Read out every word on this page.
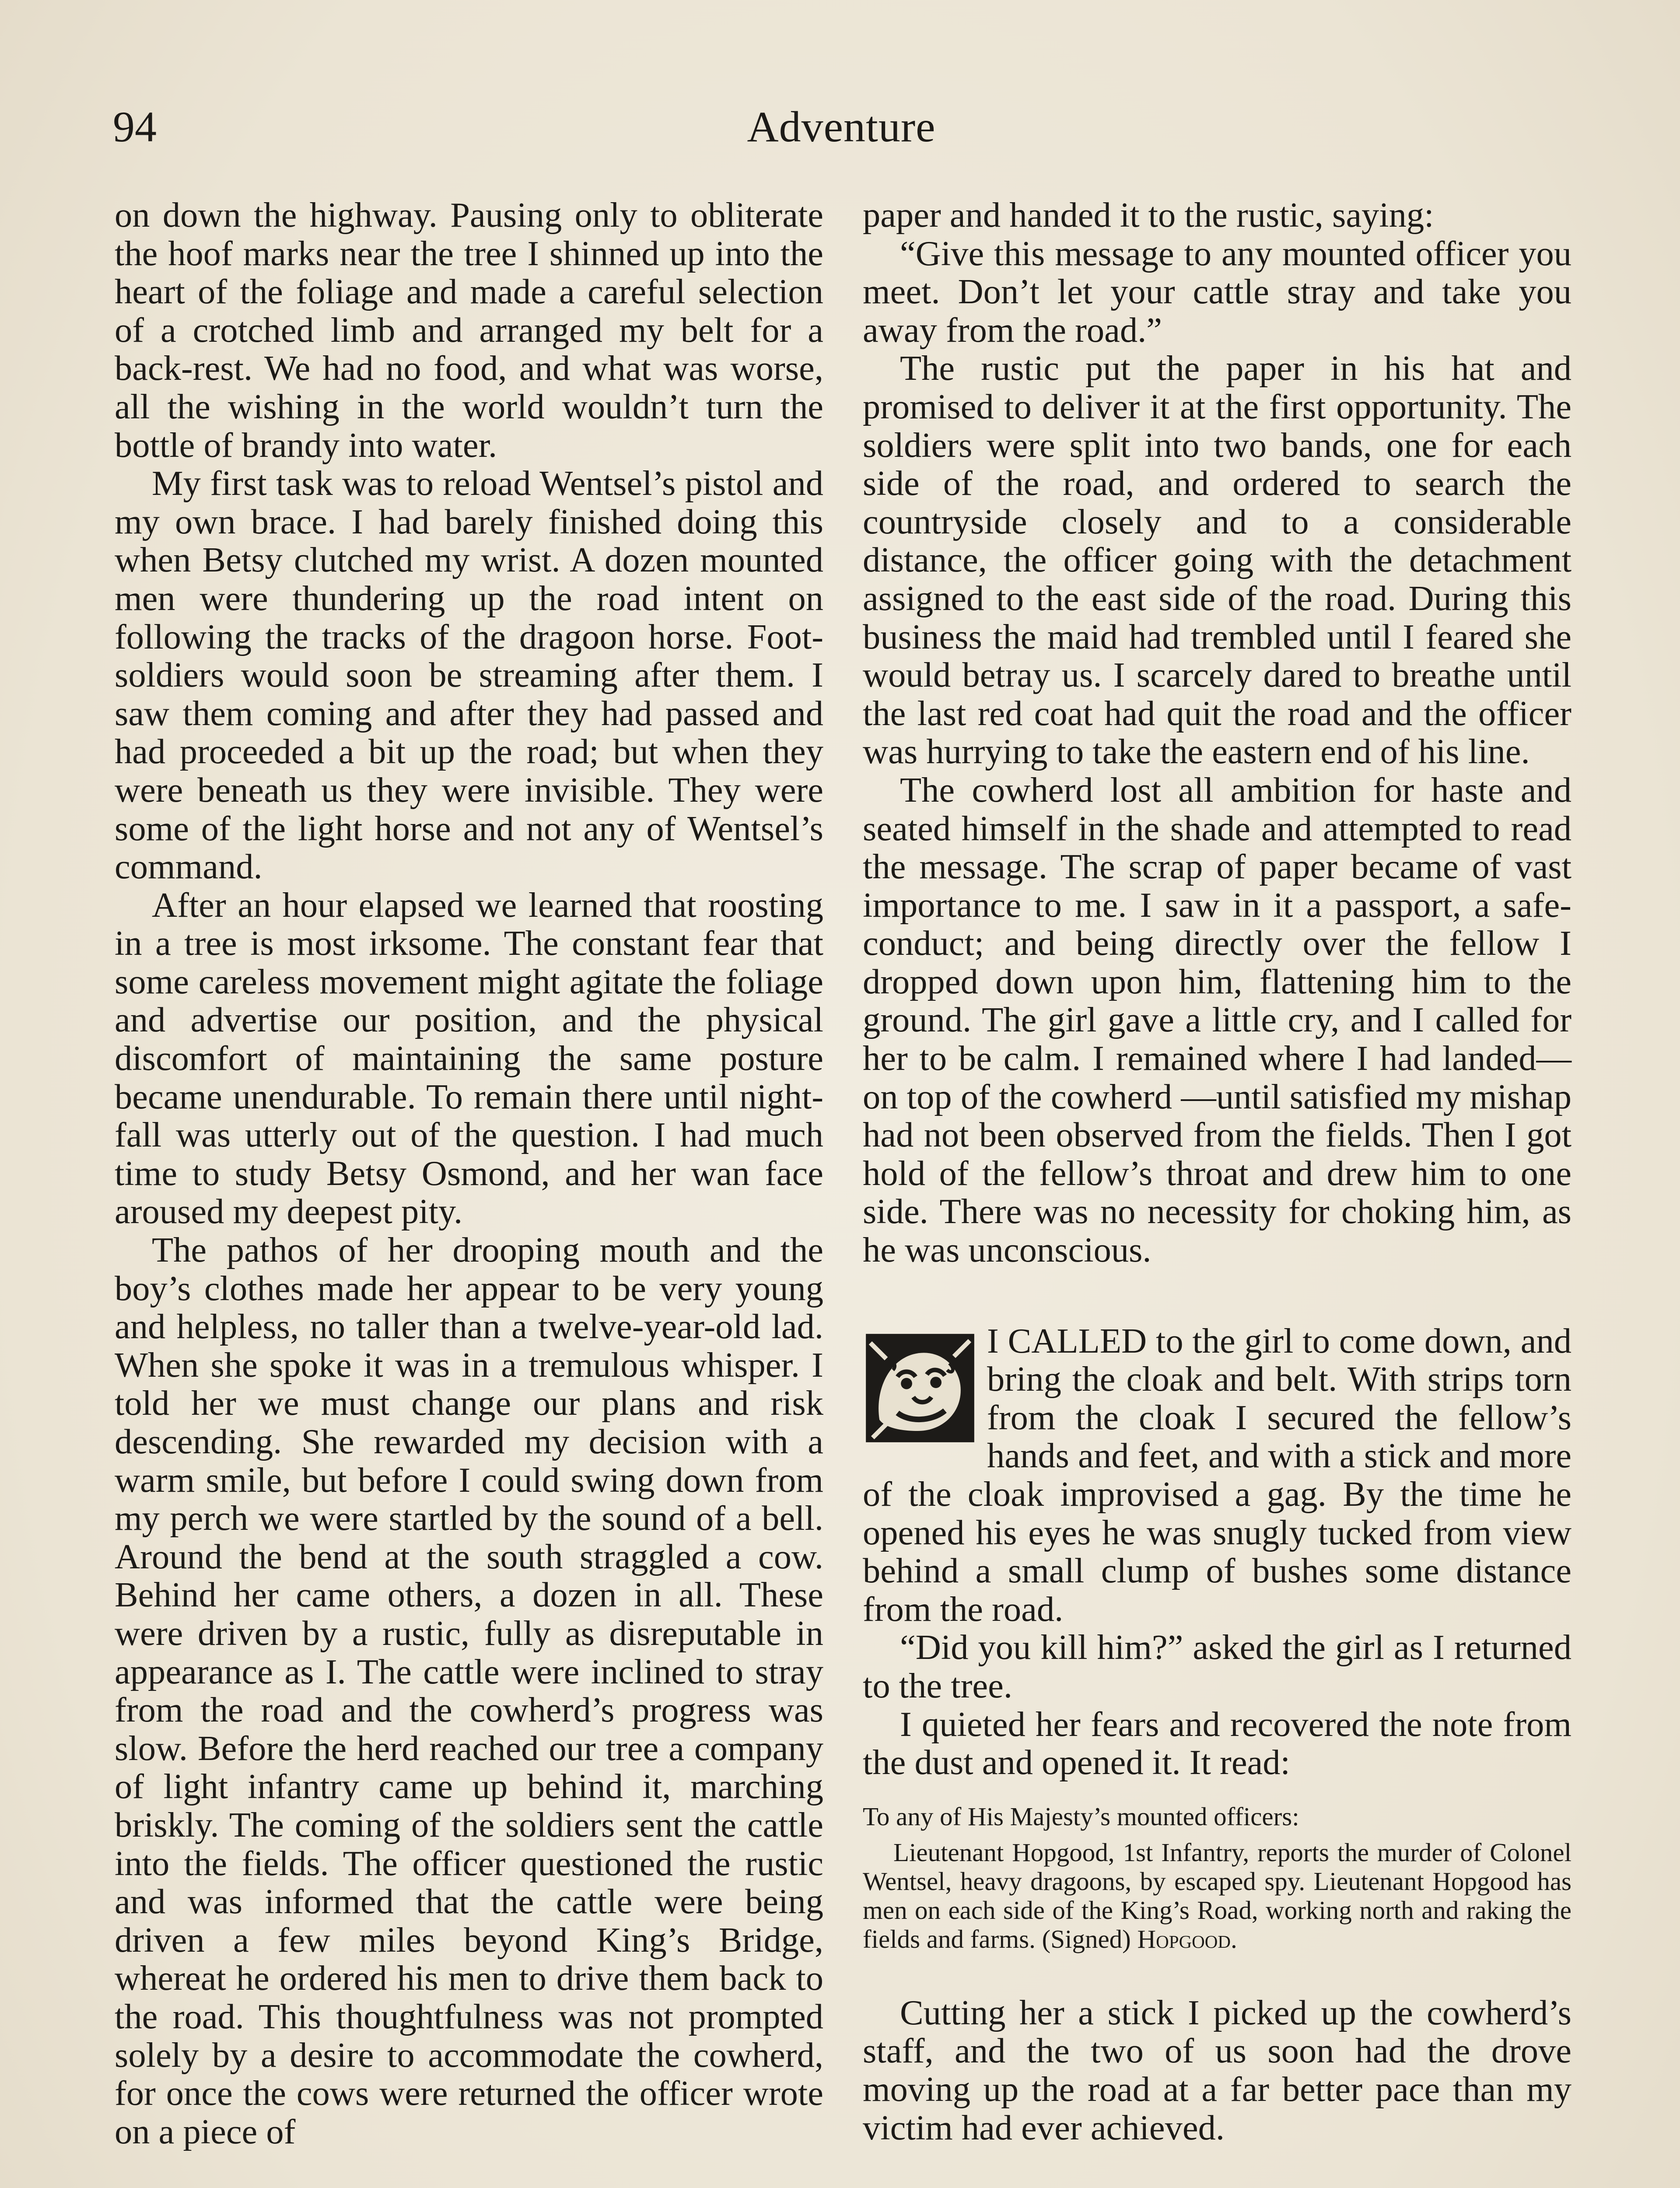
94	Adventure

on down the highway. Pausing only to obliterate the hoof marks near the tree I shinned up into the heart of the foliage and made a careful selection of a crotched limb and arranged my belt for a back-rest. We had no food, and what was worse, all the wishing in the world wouldn’t turn the bottle of brandy into water.

My first task was to reload Wentsel’s pistol and my own brace. I had barely finished doing this when Betsy clutched my wrist. A dozen mounted men were thundering up the road intent on following the tracks of the dragoon horse. Foot-soldiers would soon be streaming after them. I saw them coming and after they had passed and had proceeded a bit up the road; but when they were beneath us they were invisible. They were some of the light horse and not any of Wentsel’s command.

After an hour elapsed we learned that roosting in a tree is most irksome. The constant fear that some careless movement might agitate the foliage and advertise our position, and the physical discomfort of maintaining the same posture became unendurable. To remain there until nightfall was utterly out of the question. I had much time to study Betsy Osmond, and her wan face aroused my deepest pity.

The pathos of her drooping mouth and the boy’s clothes made her appear to be very young and helpless, no taller than a twelve-year-old lad. When she spoke it was in a tremulous whisper. I told her we must change our plans and risk descending. She rewarded my decision with a warm smile, but before I could swing down from my perch we were startled by the sound of a bell. Around the bend at the south straggled a cow. Behind her came others, a dozen in all. These were driven by a rustic, fully as disreputable in appearance as I. The cattle were inclined to stray from the road and the cowherd’s progress was slow. Before the herd reached our tree a company of light infantry came up behind it, marching briskly. The coming of the soldiers sent the cattle into the fields. The officer questioned the rustic and was informed that the cattle were being driven a few miles beyond King’s Bridge, whereat he ordered his men to drive them back to the road. This thoughtfulness was not prompted solely by a desire to accommodate the cowherd, for once the cows were returned the officer wrote on a piece of

paper and handed it to the rustic, saying:

“Give this message to any mounted officer you meet. Don’t let your cattle stray and take you away from the road.”

The rustic put the paper in his hat and promised to deliver it at the first opportunity. The soldiers were split into two bands, one for each side of the road, and ordered to search the countryside closely and to a considerable distance, the officer going with the detachment assigned to the east side of the road. During this business the maid had trembled until I feared she would betray us. I scarcely dared to breathe until the last red coat had quit the road and the officer was hurrying to take the eastern end of his line.

The cowherd lost all ambition for haste and seated himself in the shade and attempted to read the message. The scrap of paper became of vast importance to me. I saw in it a passport, a safe-conduct; and being directly over the fellow I dropped down upon him, flattening him to the ground. The girl gave a little cry, and I called for her to be calm. I remained where I had landed—on top of the cowherd —until satisfied my mishap had not been observed from the fields. Then I got hold of the fellow’s throat and drew him to one side. There was no necessity for choking him, as he was unconscious.

I CALLED to the girl to come down, and bring the cloak and belt. With strips torn from the cloak I secured the fellow’s hands and feet, and with a stick and more of the cloak improvised a gag. By the time he opened his eyes he was snugly tucked from view behind a small clump of bushes some distance from the road.

“Did you kill him?” asked the girl as I returned to the tree.

I quieted her fears and recovered the note from the dust and opened it. It read:

To any of His Majesty’s mounted officers:

Lieutenant Hopgood, 1st Infantry, reports the murder of Colonel Wentsel, heavy dragoons, by escaped spy. Lieutenant Hopgood has men on each side of the King’s Road, working north and raking the fields and farms. (Signed) Hopgood.

Cutting her a stick I picked up the cowherd’s staff, and the two of us soon had the drove moving up the road at a far better pace than my victim had ever achieved.
